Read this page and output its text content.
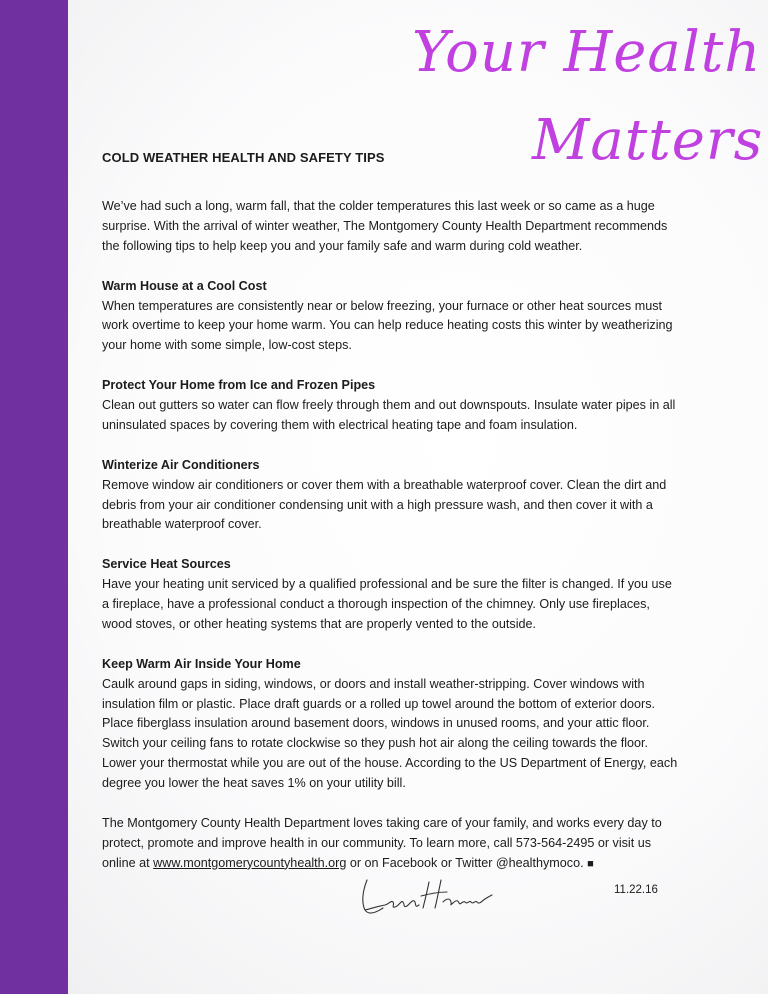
Your Health
Matters
COLD WEATHER HEALTH AND SAFETY TIPS

We’ve had such a long, warm fall, that the colder temperatures this last week or so came as a huge surprise. With the arrival of winter weather, The Montgomery County Health Department recommends the following tips to help keep you and your family safe and warm during cold weather.

Warm House at a Cool Cost
When temperatures are consistently near or below freezing, your furnace or other heat sources must work overtime to keep your home warm. You can help reduce heating costs this winter by weatherizing your home with some simple, low-cost steps.

Protect Your Home from Ice and Frozen Pipes
Clean out gutters so water can flow freely through them and out downspouts. Insulate water pipes in all uninsulated spaces by covering them with electrical heating tape and foam insulation.

Winterize Air Conditioners
Remove window air conditioners or cover them with a breathable waterproof cover. Clean the dirt and debris from your air conditioner condensing unit with a high pressure wash, and then cover it with a breathable waterproof cover.

Service Heat Sources
Have your heating unit serviced by a qualified professional and be sure the filter is changed. If you use a fireplace, have a professional conduct a thorough inspection of the chimney. Only use fireplaces, wood stoves, or other heating systems that are properly vented to the outside.

Keep Warm Air Inside Your Home
Caulk around gaps in siding, windows, or doors and install weather-stripping. Cover windows with insulation film or plastic. Place draft guards or a rolled up towel around the bottom of exterior doors. Place fiberglass insulation around basement doors, windows in unused rooms, and your attic floor. Switch your ceiling fans to rotate clockwise so they push hot air along the ceiling towards the floor. Lower your thermostat while you are out of the house. According to the US Department of Energy, each degree you lower the heat saves 1% on your utility bill.

The Montgomery County Health Department loves taking care of your family, and works every day to protect, promote and improve health in our community. To learn more, call 573-564-2495 or visit us online at www.montgomerycountyhealth.org or on Facebook or Twitter @healthymoco. ■

11.22.16
